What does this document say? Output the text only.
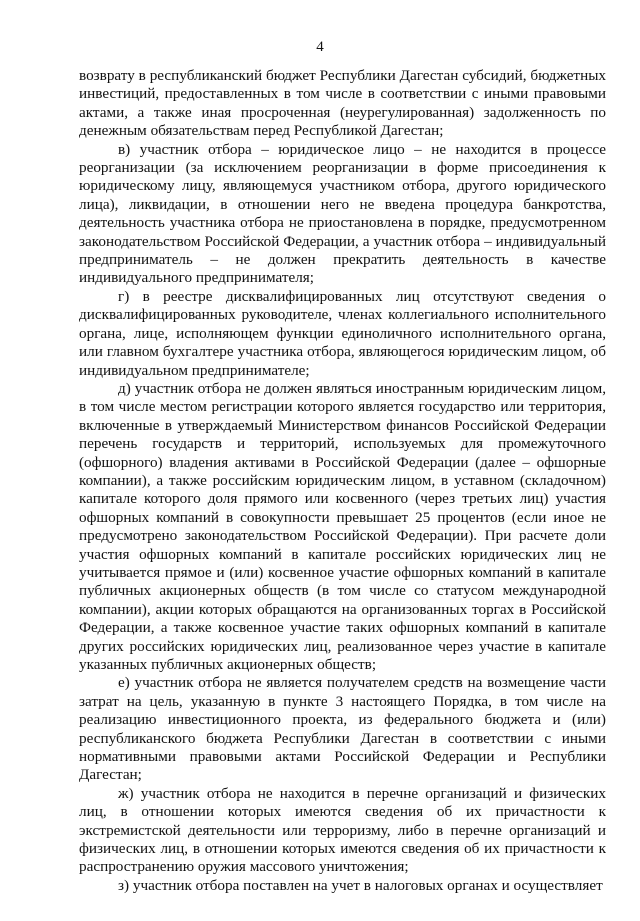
4

возврату в республиканский бюджет Республики Дагестан субсидий, бюджетных инвестиций, предоставленных в том числе в соответствии с иными правовыми актами, а также иная просроченная (неурегулированная) задолженность по денежным обязательствам перед Республикой Дагестан;

в) участник отбора – юридическое лицо – не находится в процессе реорганизации (за исключением реорганизации в форме присоединения к юридическому лицу, являющемуся участником отбора, другого юридического лица), ликвидации, в отношении него не введена процедура банкротства, деятельность участника отбора не приостановлена в порядке, предусмотренном законодательством Российской Федерации, а участник отбора – индивидуальный предприниматель – не должен прекратить деятельность в качестве индивидуального предпринимателя;

г) в реестре дисквалифицированных лиц отсутствуют сведения о дисквалифицированных руководителе, членах коллегиального исполнительного органа, лице, исполняющем функции единоличного исполнительного органа, или главном бухгалтере участника отбора, являющегося юридическим лицом, об индивидуальном предпринимателе;

д) участник отбора не должен являться иностранным юридическим лицом, в том числе местом регистрации которого является государство или территория, включенные в утверждаемый Министерством финансов Российской Федерации перечень государств и территорий, используемых для промежуточного (офшорного) владения активами в Российской Федерации (далее – офшорные компании), а также российским юридическим лицом, в уставном (складочном) капитале которого доля прямого или косвенного (через третьих лиц) участия офшорных компаний в совокупности превышает 25 процентов (если иное не предусмотрено законодательством Российской Федерации). При расчете доли участия офшорных компаний в капитале российских юридических лиц не учитывается прямое и (или) косвенное участие офшорных компаний в капитале публичных акционерных обществ (в том числе со статусом международной компании), акции которых обращаются на организованных торгах в Российской Федерации, а также косвенное участие таких офшорных компаний в капитале других российских юридических лиц, реализованное через участие в капитале указанных публичных акционерных обществ;

е) участник отбора не является получателем средств на возмещение части затрат на цель, указанную в пункте 3 настоящего Порядка, в том числе на реализацию инвестиционного проекта, из федерального бюджета и (или) республиканского бюджета Республики Дагестан в соответствии с иными нормативными правовыми актами Российской Федерации и Республики Дагестан;

ж) участник отбора не находится в перечне организаций и физических лиц, в отношении которых имеются сведения об их причастности к экстремистской деятельности или терроризму, либо в перечне организаций и физических лиц, в отношении которых имеются сведения об их причастности к распространению оружия массового уничтожения;

з) участник отбора поставлен на учет в налоговых органах и осуществляет
